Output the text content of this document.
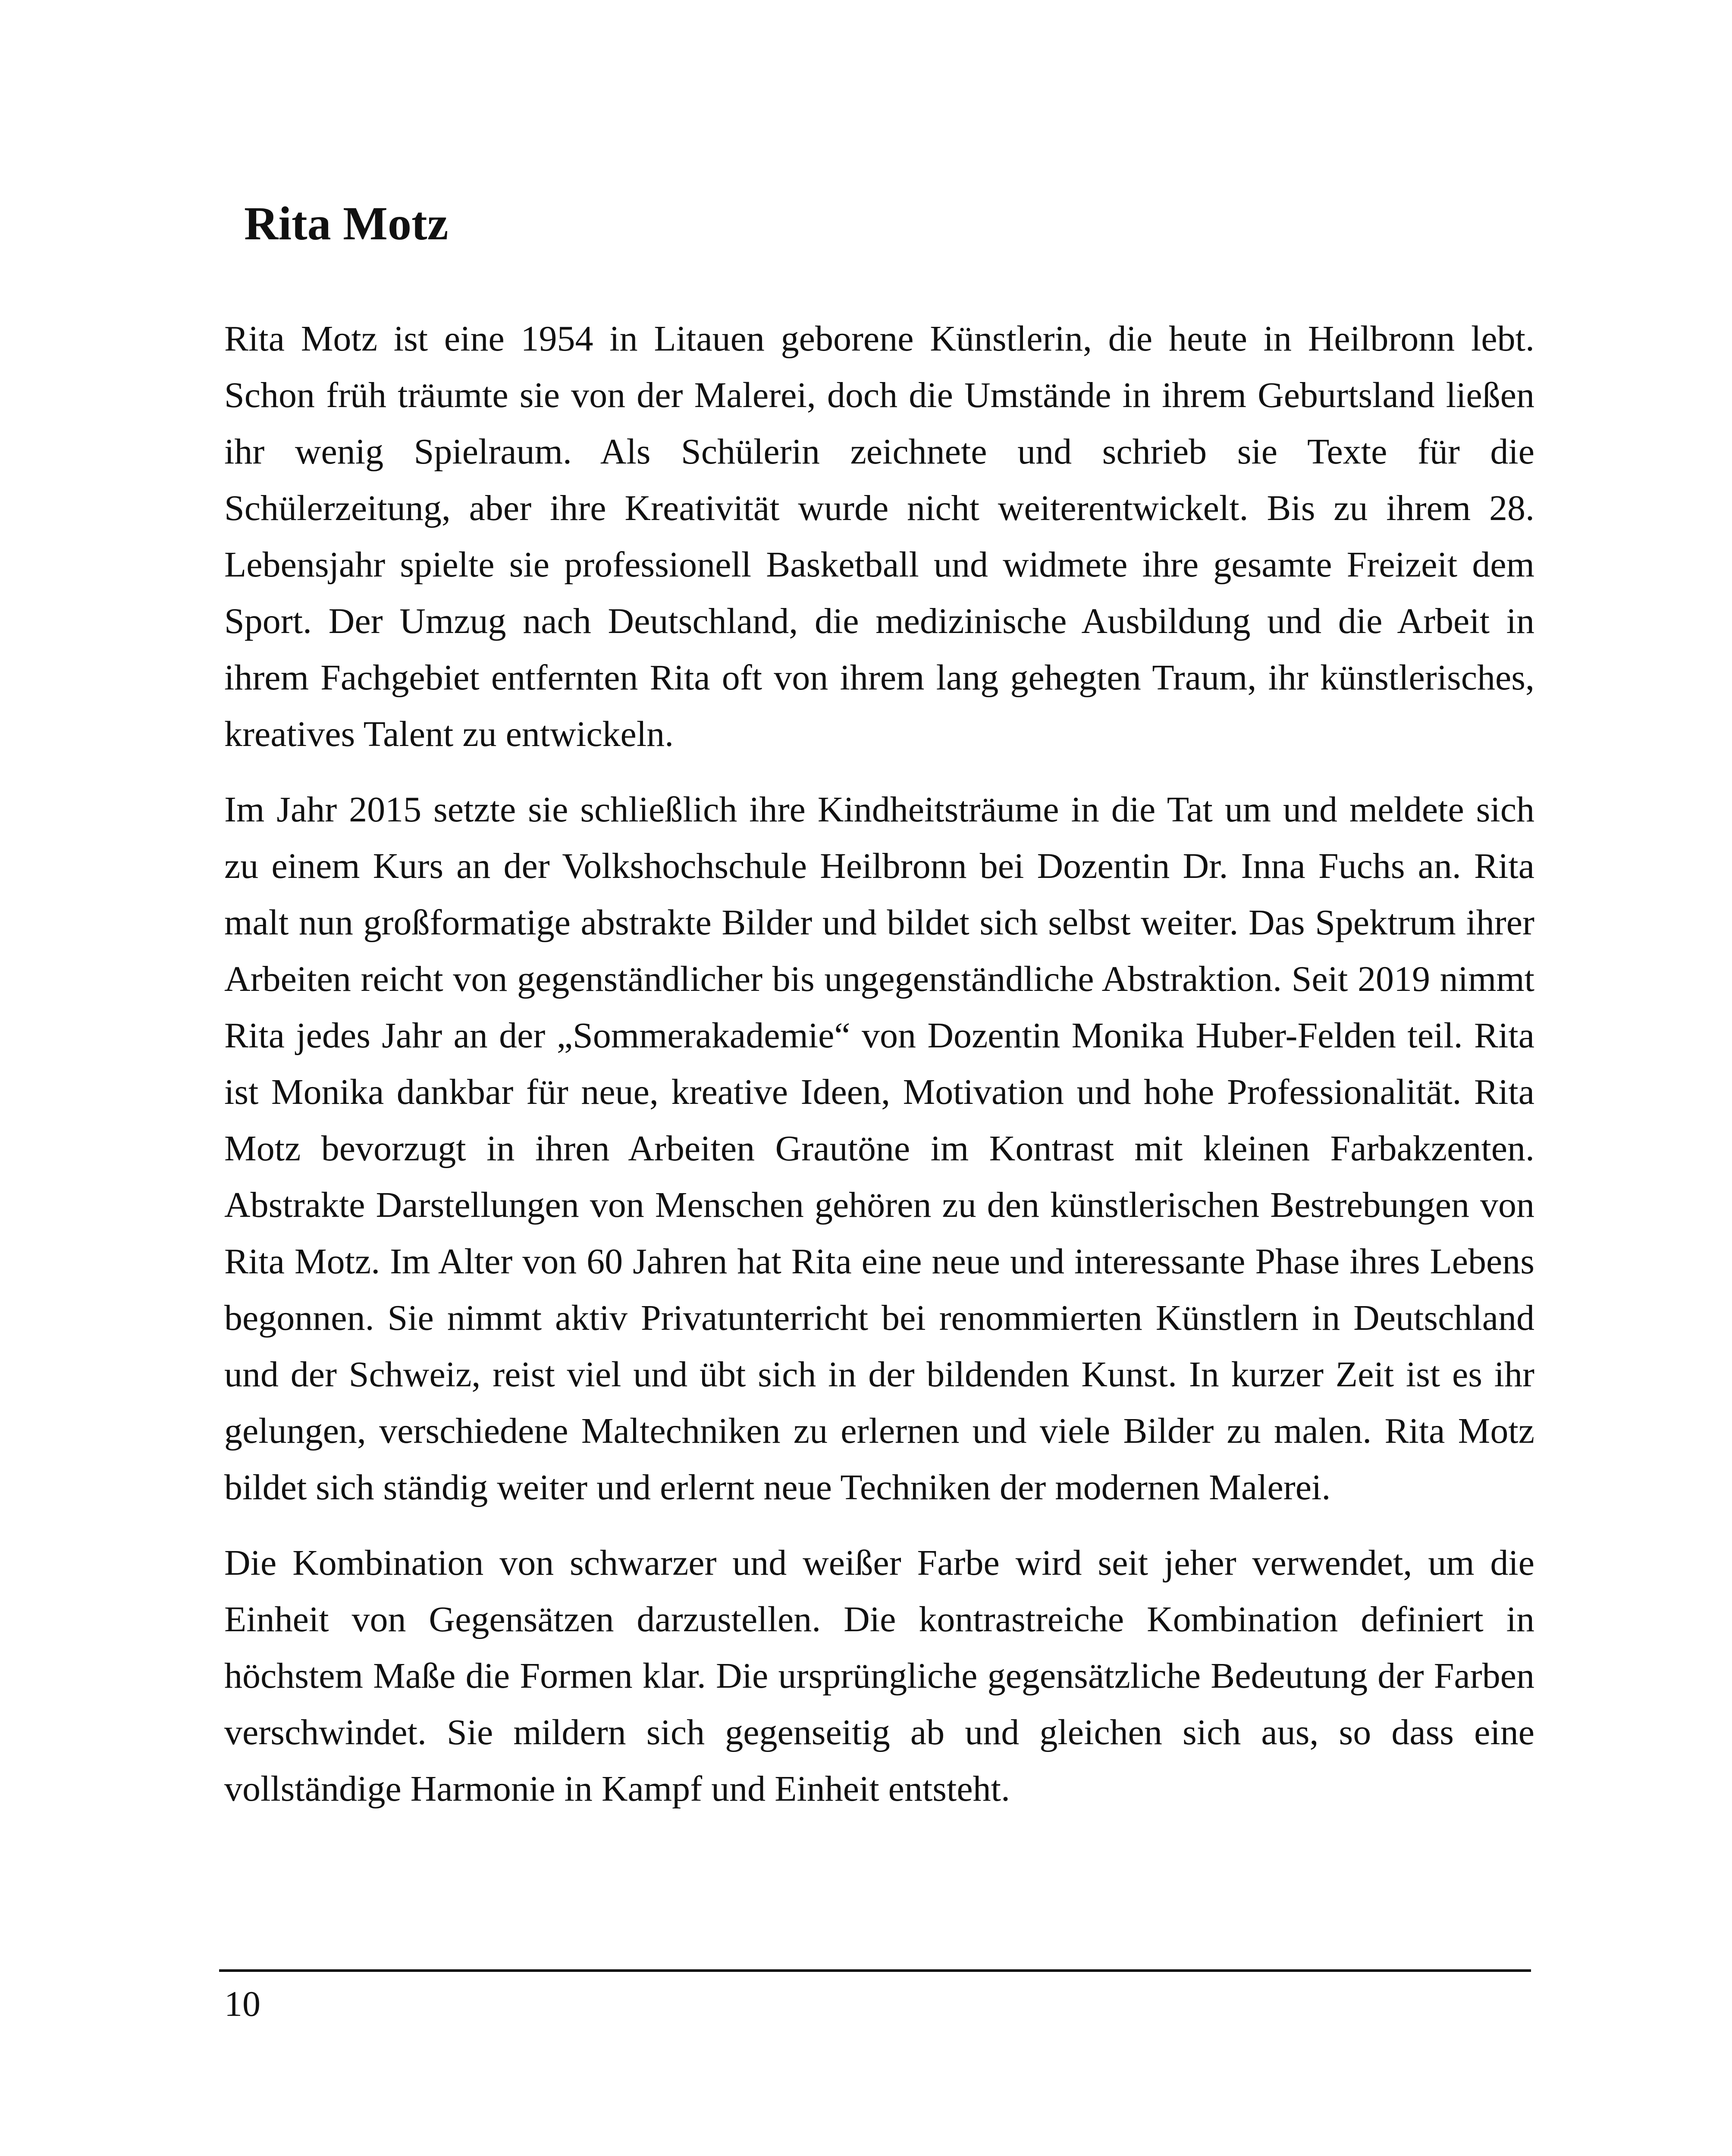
Rita Motz

Rita Motz ist eine 1954 in Litauen geborene Künstlerin, die heute in Heilbronn lebt. Schon früh träumte sie von der Malerei, doch die Umstände in ihrem Geburtsland ließen ihr wenig Spielraum. Als Schülerin zeichnete und schrieb sie Texte für die Schülerzeitung, aber ihre Kreativität wurde nicht weiterentwickelt. Bis zu ihrem 28. Lebensjahr spielte sie professionell Basketball und widmete ihre gesamte Freizeit dem Sport. Der Umzug nach Deutschland, die medizinische Ausbildung und die Arbeit in ihrem Fachgebiet entfernten Rita oft von ihrem lang gehegten Traum, ihr künstlerisches, kreatives Talent zu entwickeln.

Im Jahr 2015 setzte sie schließlich ihre Kindheitsträume in die Tat um und meldete sich zu einem Kurs an der Volkshochschule Heilbronn bei Dozentin Dr. Inna Fuchs an. Rita malt nun großformatige abstrakte Bilder und bildet sich selbst weiter. Das Spektrum ihrer Arbeiten reicht von gegenständlicher bis ungegenständliche Abstraktion. Seit 2019 nimmt Rita jedes Jahr an der „Sommerakademie“ von Dozentin Monika Huber-Felden teil. Rita ist Monika dankbar für neue, kreative Ideen, Motivation und hohe Professionalität. Rita Motz bevorzugt in ihren Arbeiten Grautöne im Kontrast mit kleinen Farbakzenten. Abstrakte Darstellungen von Menschen gehören zu den künstlerischen Bestrebungen von Rita Motz. Im Alter von 60 Jahren hat Rita eine neue und interessante Phase ihres Lebens begonnen. Sie nimmt aktiv Privatunterricht bei renommierten Künstlern in Deutschland und der Schweiz, reist viel und übt sich in der bildenden Kunst. In kurzer Zeit ist es ihr gelungen, verschiedene Maltechniken zu erlernen und viele Bilder zu malen. Rita Motz bildet sich ständig weiter und erlernt neue Techniken der modernen Malerei.

Die Kombination von schwarzer und weißer Farbe wird seit jeher verwendet, um die Einheit von Gegensätzen darzustellen. Die kontrastreiche Kombination definiert in höchstem Maße die Formen klar. Die ursprüngliche gegensätzliche Bedeutung der Farben verschwindet. Sie mildern sich gegenseitig ab und gleichen sich aus, so dass eine vollständige Harmonie in Kampf und Einheit entsteht.

10
